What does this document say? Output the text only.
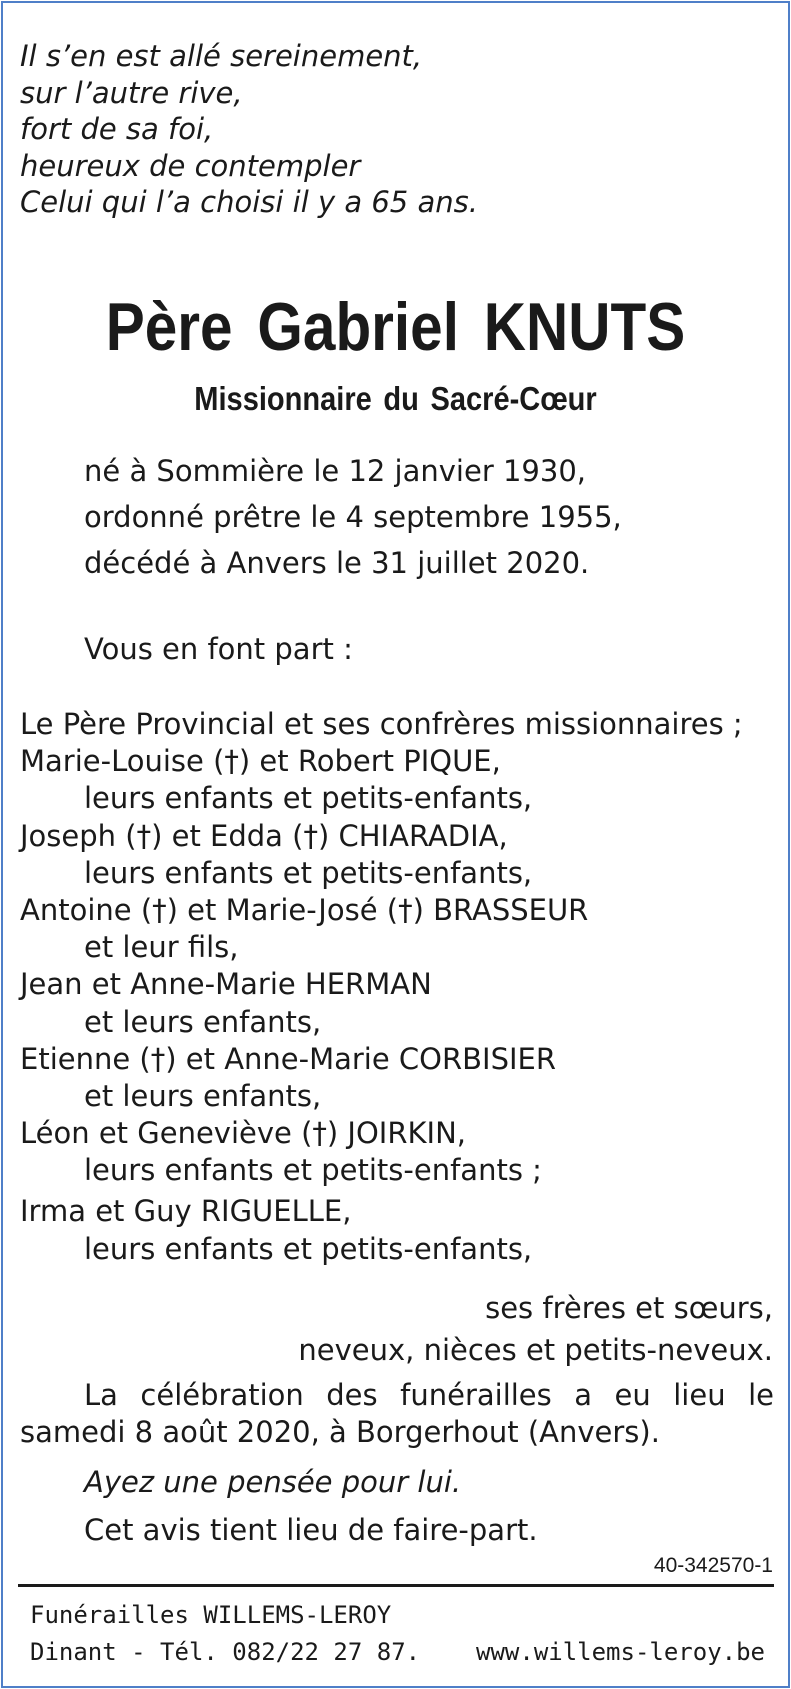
Il s’en est allé sereinement,
sur l’autre rive,
fort de sa foi,
heureux de contempler
Celui qui l’a choisi il y a 65 ans.
Père Gabriel KNUTS
Missionnaire du Sacré-Cœur
né à Sommière le 12 janvier 1930,
ordonné prêtre le 4 septembre 1955,
décédé à Anvers le 31 juillet 2020.
Vous en font part :
Le Père Provincial et ses confrères missionnaires ;
Marie-Louise (†) et Robert PIQUE,
leurs enfants et petits-enfants,
Joseph (†) et Edda (†) CHIARADIA,
leurs enfants et petits-enfants,
Antoine (†) et Marie-José (†) BRASSEUR
et leur fils,
Jean et Anne-Marie HERMAN
et leurs enfants,
Etienne (†) et Anne-Marie CORBISIER
et leurs enfants,
Léon et Geneviève (†) JOIRKIN,
leurs enfants et petits-enfants ;
Irma et Guy RIGUELLE,
leurs enfants et petits-enfants,
ses frères et sœurs,
neveux, nièces et petits-neveux.
La célébration des funérailles a eu lieu le
samedi 8 août 2020, à Borgerhout (Anvers).
Ayez une pensée pour lui.
Cet avis tient lieu de faire-part.
40-342570-1
Funérailles WILLEMS-LEROY
Dinant - Tél. 082/22 27 87. www.willems-leroy.be
